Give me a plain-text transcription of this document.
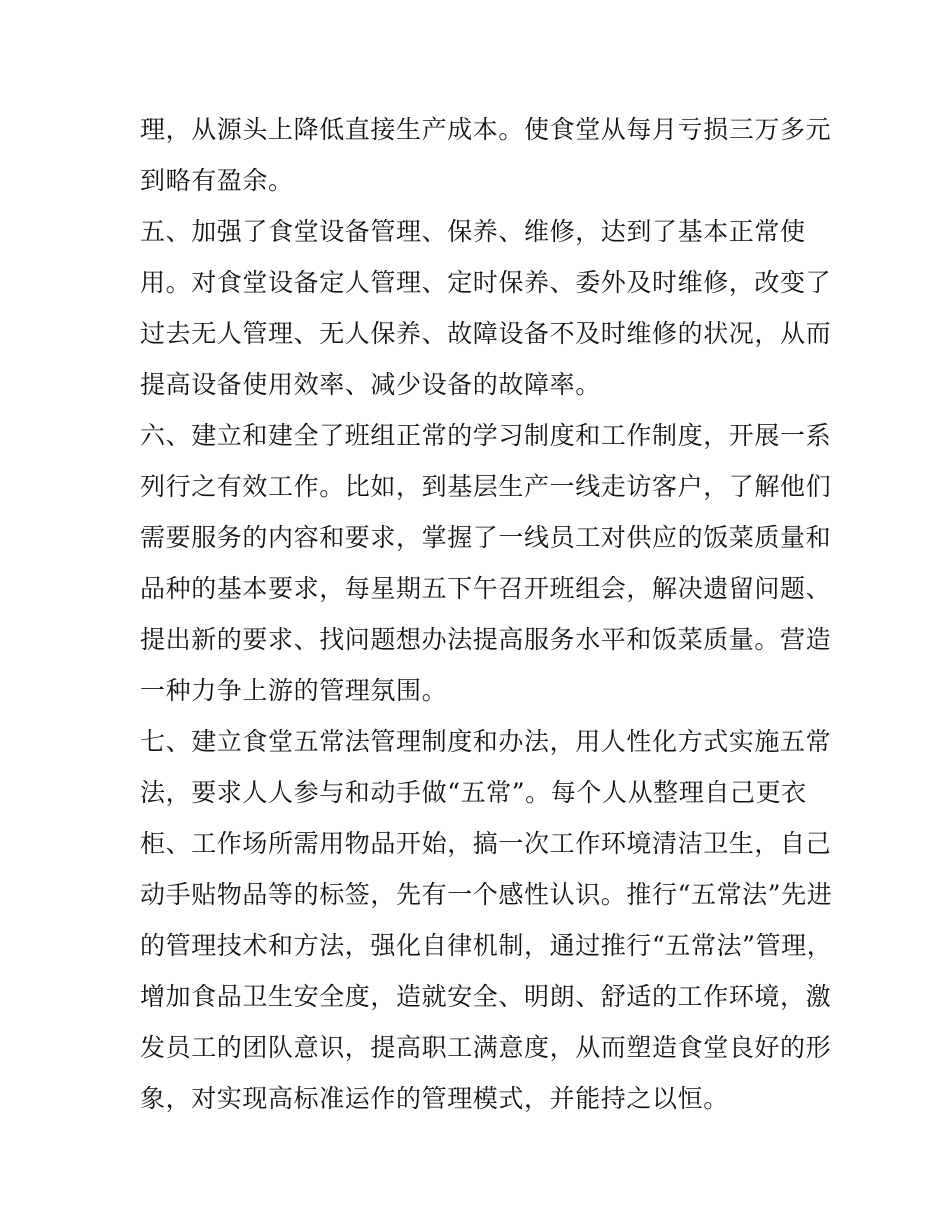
理，从源头上降低直接生产成本。使食堂从每月亏损三万多元
到略有盈余。
五、加强了食堂设备管理、保养、维修，达到了基本正常使
用。对食堂设备定人管理、定时保养、委外及时维修，改变了
过去无人管理、无人保养、故障设备不及时维修的状况，从而
提高设备使用效率、减少设备的故障率。
六、建立和建全了班组正常的学习制度和工作制度，开展一系
列行之有效工作。比如，到基层生产一线走访客户，了解他们
需要服务的内容和要求，掌握了一线员工对供应的饭菜质量和
品种的基本要求，每星期五下午召开班组会，解决遗留问题、
提出新的要求、找问题想办法提高服务水平和饭菜质量。营造
一种力争上游的管理氛围。
七、建立食堂五常法管理制度和办法，用人性化方式实施五常
法，要求人人参与和动手做“五常”。每个人从整理自己更衣
柜、工作场所需用物品开始，搞一次工作环境清洁卫生，自己
动手贴物品等的标签，先有一个感性认识。推行“五常法”先进
的管理技术和方法，强化自律机制，通过推行“五常法”管理，
增加食品卫生安全度，造就安全、明朗、舒适的工作环境，激
发员工的团队意识，提高职工满意度，从而塑造食堂良好的形
象，对实现高标准运作的管理模式，并能持之以恒。
